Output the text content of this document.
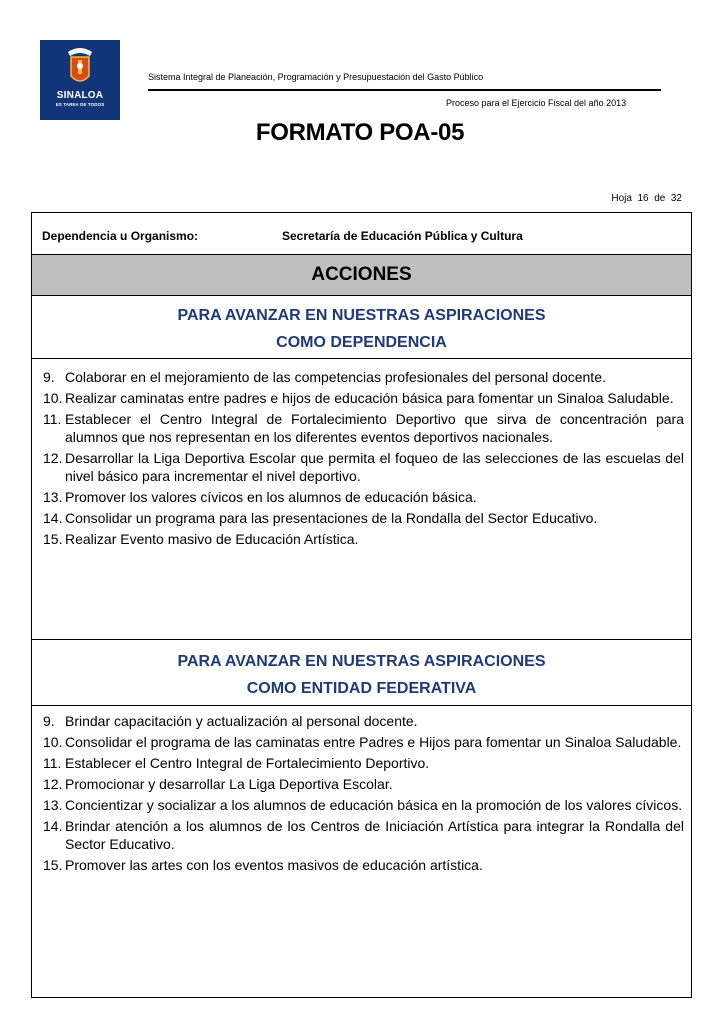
SINALOA
ES TAREA DE TODOS
Sistema Integral de Planeación, Programación y Presupuestación del Gasto Público
Proceso para el Ejercicio Fiscal del año 2013
FORMATO POA-05
Hoja 16 de 32
Dependencia u Organismo:	Secretaría de Educación Pública y Cultura
ACCIONES
PARA AVANZAR EN NUESTRAS ASPIRACIONES
COMO DEPENDENCIA
9. Colaborar en el mejoramiento de las competencias profesionales del personal docente.
10. Realizar caminatas entre padres e hijos de educación básica para fomentar un Sinaloa Saludable.
11. Establecer el Centro Integral de Fortalecimiento Deportivo que sirva de concentración para alumnos que nos representan en los diferentes eventos deportivos nacionales.
12. Desarrollar la Liga Deportiva Escolar que permita el foqueo de las selecciones de las escuelas del nivel básico para incrementar el nivel deportivo.
13. Promover los valores cívicos en los alumnos de educación básica.
14. Consolidar un programa para las presentaciones de la Rondalla del Sector Educativo.
15. Realizar Evento masivo de Educación Artística.
PARA AVANZAR EN NUESTRAS ASPIRACIONES
COMO ENTIDAD FEDERATIVA
9. Brindar capacitación y actualización al personal docente.
10. Consolidar el programa de las caminatas entre Padres e Hijos para fomentar un Sinaloa Saludable.
11. Establecer el Centro Integral de Fortalecimiento Deportivo.
12. Promocionar y desarrollar La Liga Deportiva Escolar.
13. Concientizar y socializar a los alumnos de educación básica en la promoción de los valores cívicos.
14. Brindar atención a los alumnos de los Centros de Iniciación Artística para integrar la Rondalla del Sector Educativo.
15. Promover las artes con los eventos masivos de educación artística.
